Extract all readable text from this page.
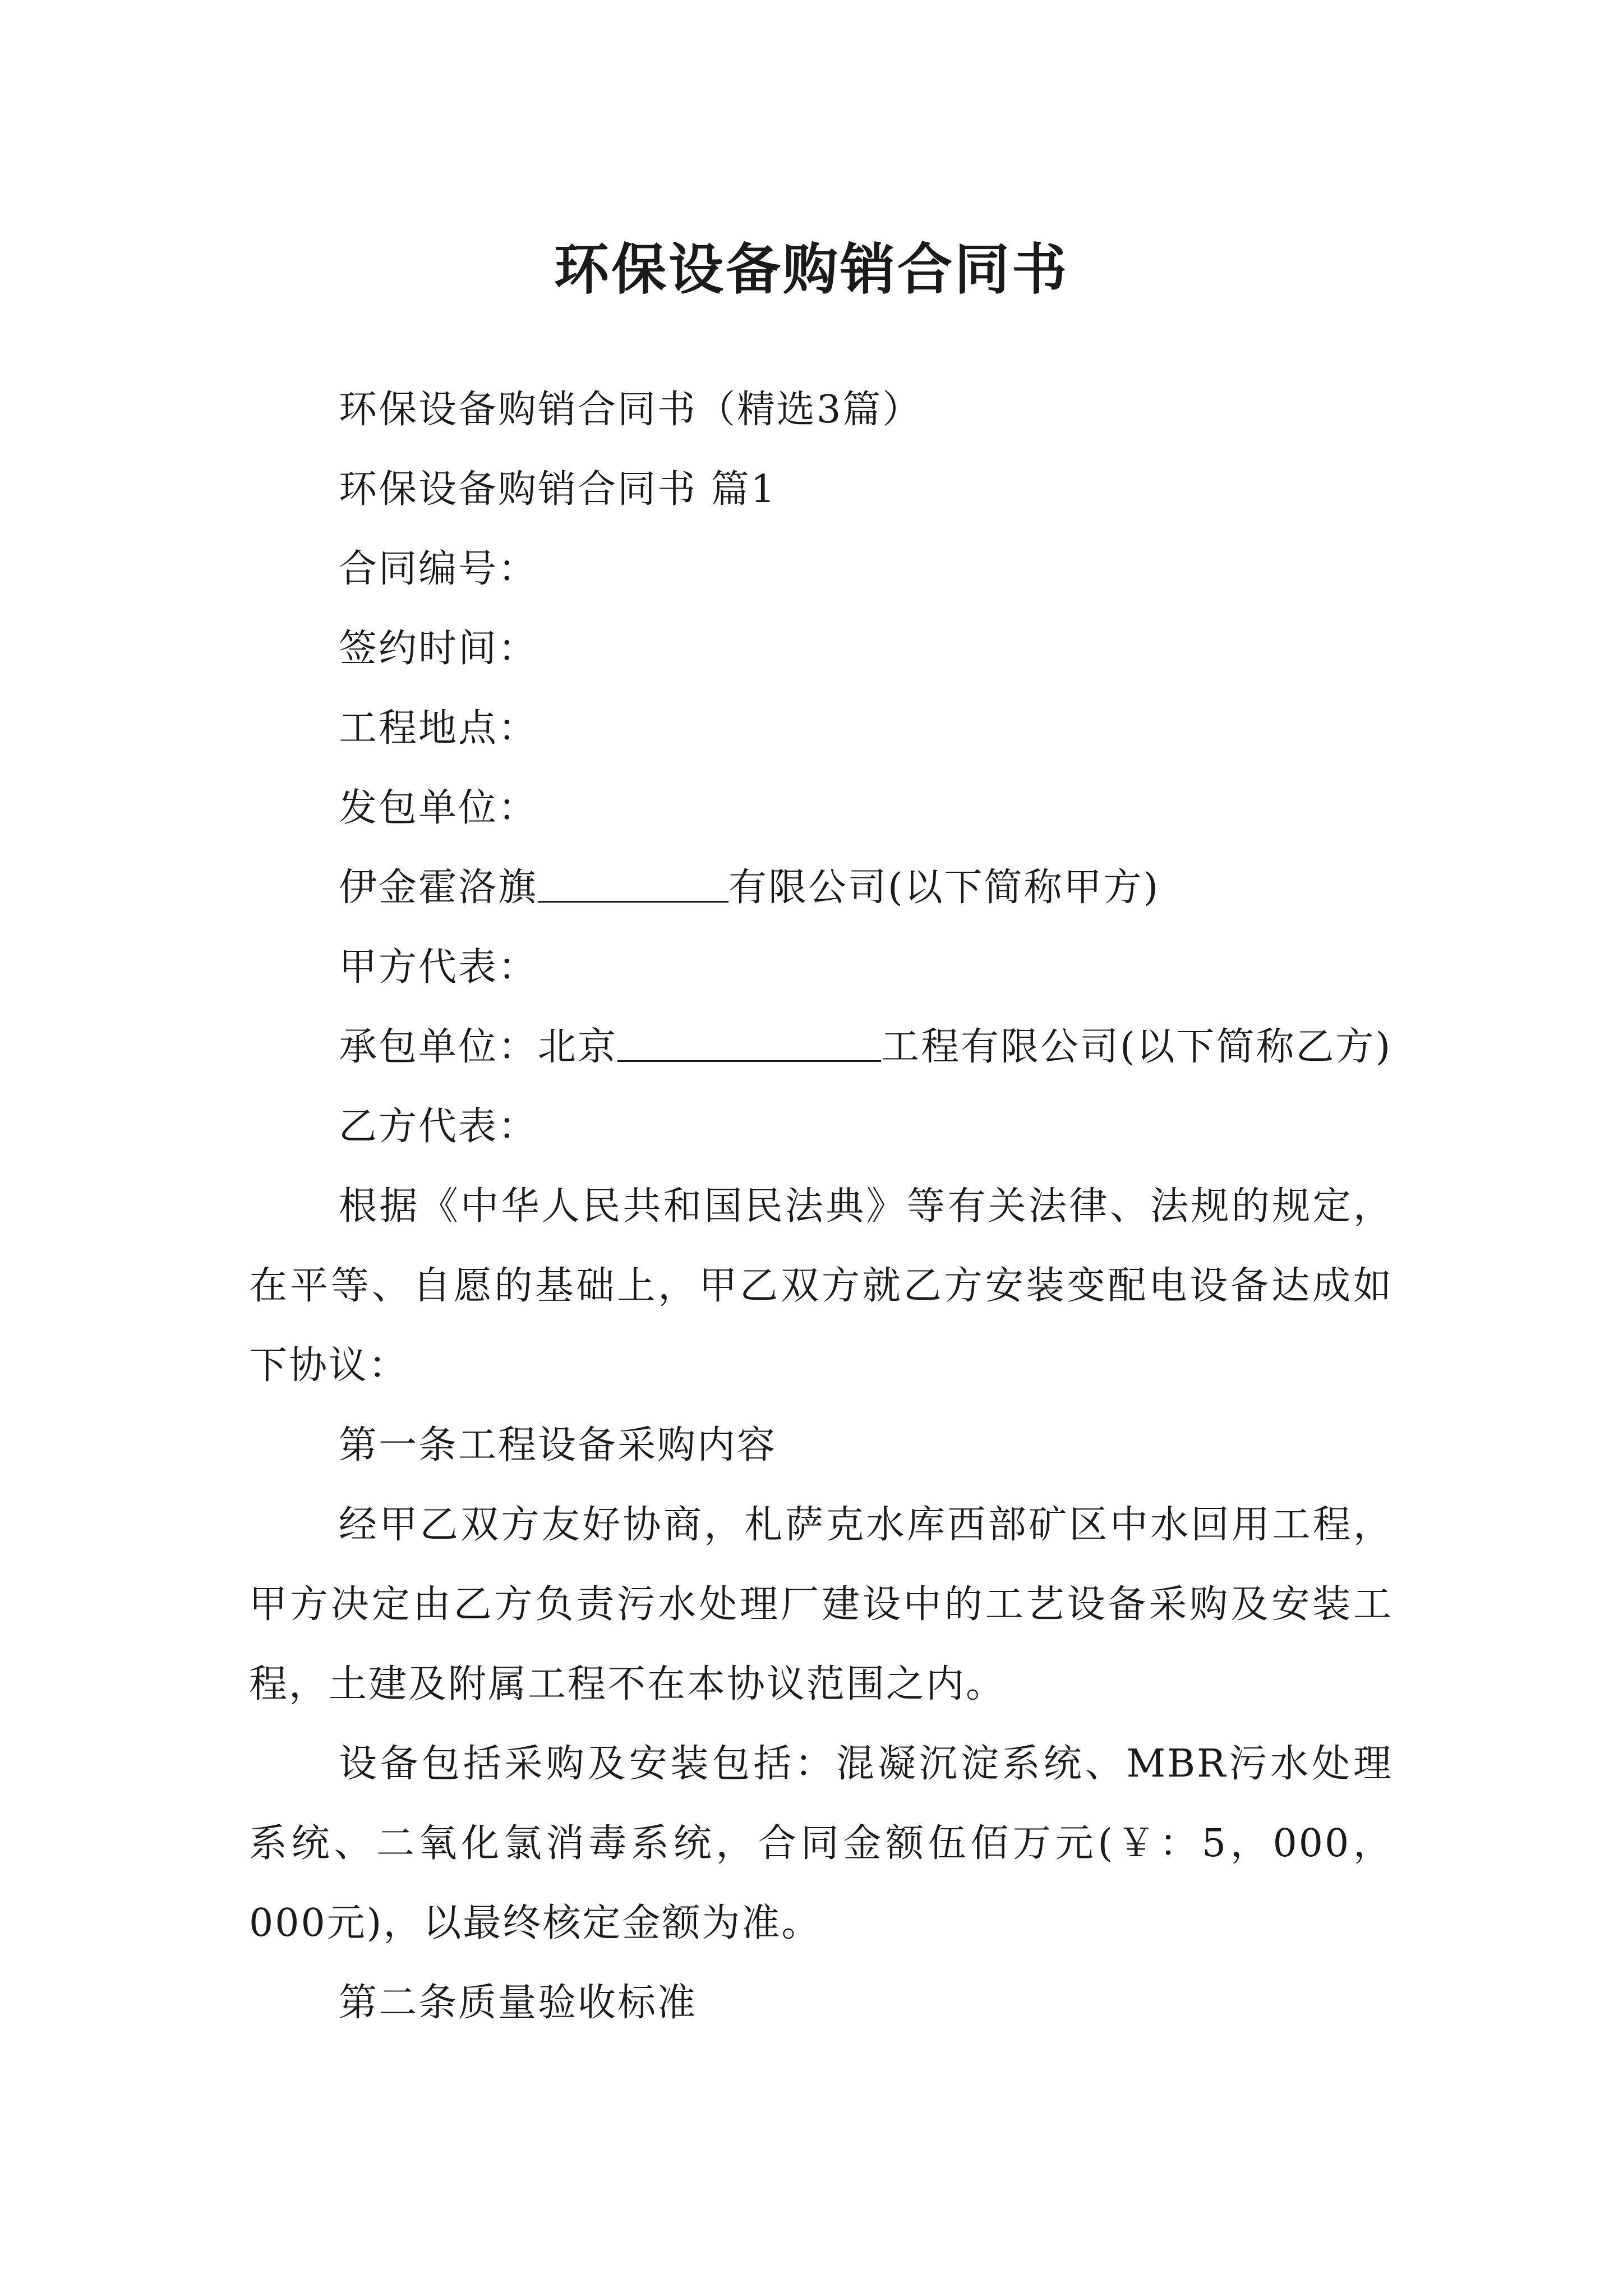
环保设备购销合同书

环保设备购销合同书（精选3篇）

环保设备购销合同书 篇1

合同编号：

签约时间：

工程地点：

发包单位：

伊金霍洛旗	有限公司(以下简称甲方)

甲方代表：

承包单位：北京	工程有限公司(以下简称乙方)

乙方代表：

根据《中华人民共和国民法典》等有关法律、法规的规定，在平等、自愿的基础上，甲乙双方就乙方安装变配电设备达成如下协议：

第一条工程设备采购内容

经甲乙双方友好协商，札萨克水库西部矿区中水回用工程，甲方决定由乙方负责污水处理厂建设中的工艺设备采购及安装工程，土建及附属工程不在本协议范围之内。

设备包括采购及安装包括：混凝沉淀系统、MBR污水处理系统、二氧化氯消毒系统，合同金额伍佰万元(￥：5，000，000元)，以最终核定金额为准。

第二条质量验收标准
